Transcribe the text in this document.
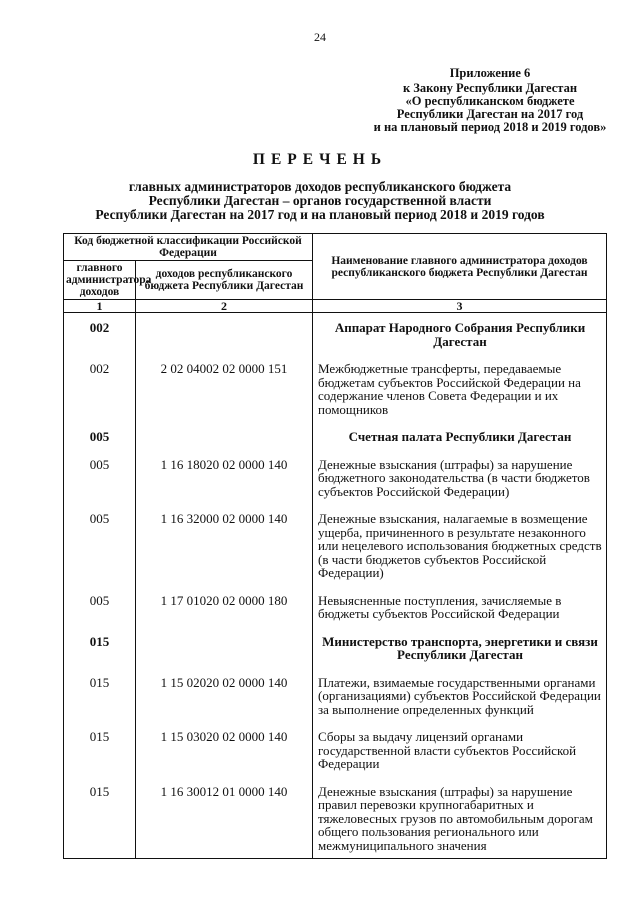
24
Приложение 6
к Закону Республики Дагестан
«О республиканском бюджете
Республики Дагестан на 2017 год
и на плановый период 2018 и 2019 годов»
ПЕРЕЧЕНЬ
главных администраторов доходов республиканского бюджета
Республики Дагестан – органов государственной власти
Республики Дагестан на 2017 год и на плановый период 2018 и 2019 годов
Код бюджетной классификации Российской Федерации		Наименование главного администратора доходов республиканского бюджета Республики Дагестан
главного администратора доходов	доходов республиканского бюджета Республики Дагестан	
1	2	3
002		Аппарат Народного Собрания Республики Дагестан
002	2 02 04002 02 0000 151	Межбюджетные трансферты, передаваемые бюджетам субъектов Российской Федерации на содержание членов Совета Федерации и их помощников
005		Счетная палата Республики Дагестан
005	1 16 18020 02 0000 140	Денежные взыскания (штрафы) за нарушение бюджетного законодательства (в части бюджетов субъектов Российской Федерации)
005	1 16 32000 02 0000 140	Денежные взыскания, налагаемые в возмещение ущерба, причиненного в результате незаконного или нецелевого использования бюджетных средств (в части бюджетов субъектов Российской Федерации)
005	1 17 01020 02 0000 180	Невыясненные поступления, зачисляемые в бюджеты субъектов Российской Федерации
015		Министерство транспорта, энергетики и связи Республики Дагестан
015	1 15 02020 02 0000 140	Платежи, взимаемые государственными органами (организациями) субъектов Российской Федерации за выполнение определенных функций
015	1 15 03020 02 0000 140	Сборы за выдачу лицензий органами государственной власти субъектов Российской Федерации
015	1 16 30012 01 0000 140	Денежные взыскания (штрафы) за нарушение правил перевозки крупногабаритных и тяжеловесных грузов по автомобильным дорогам общего пользования регионального или межмуниципального значения
